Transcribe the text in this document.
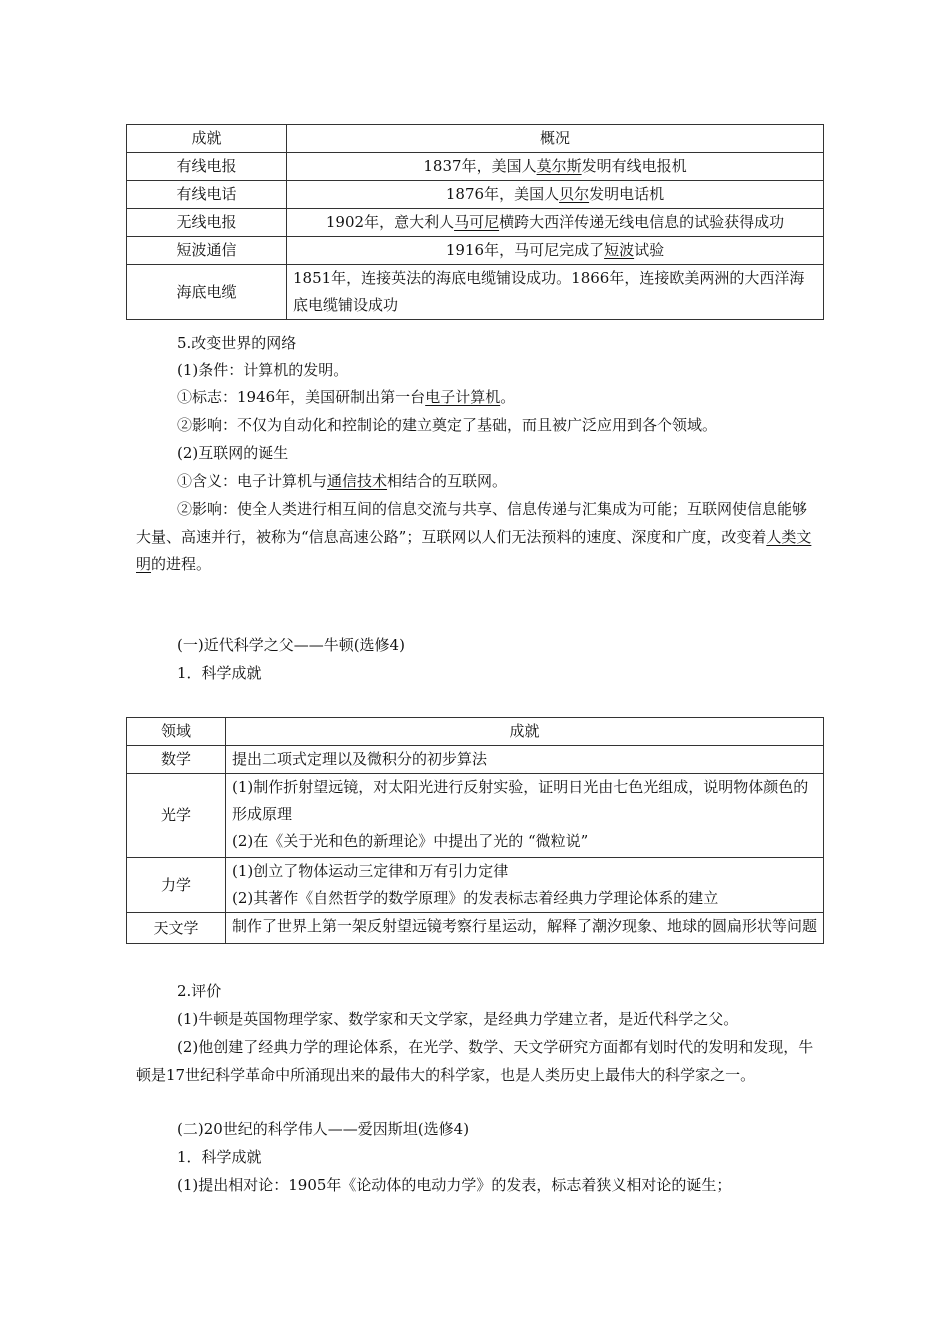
成就	概况
有线电报	1837年，美国人莫尔斯发明有线电报机
有线电话	1876年，美国人贝尔发明电话机
无线电报	1902年，意大利人马可尼横跨大西洋传递无线电信息的试验获得成功
短波通信	1916年，马可尼完成了短波试验
海底电缆	1851年，连接英法的海底电缆铺设成功。1866年，连接欧美两洲的大西洋海底电缆铺设成功

5.改变世界的网络

(1)条件：计算机的发明。

①标志：1946年，美国研制出第一台电子计算机。

②影响：不仅为自动化和控制论的建立奠定了基础，而且被广泛应用到各个领域。

(2)互联网的诞生

①含义：电子计算机与通信技术相结合的互联网。

②影响：使全人类进行相互间的信息交流与共享、信息传递与汇集成为可能；互联网使信息能够大量、高速并行，被称为“信息高速公路”；互联网以人们无法预料的速度、深度和广度，改变着人类文明的进程。

(一)近代科学之父——牛顿(选修4)

1．科学成就

领域	成就
数学	提出二项式定理以及微积分的初步算法
光学	(1)制作折射望远镜，对太阳光进行反射实验，证明日光由七色光组成，说明物体颜色的形成原理
(2)在《关于光和色的新理论》中提出了光的 “微粒说”

力学	(1)创立了物体运动三定律和万有引力定律
(2)其著作《自然哲学的数学原理》的发表标志着经典力学理论体系的建立

天文学	制作了世界上第一架反射望远镜考察行星运动，解释了潮汐现象、地球的圆扁形状等问题

2.评价

(1)牛顿是英国物理学家、数学家和天文学家，是经典力学建立者，是近代科学之父。

(2)他创建了经典力学的理论体系，在光学、数学、天文学研究方面都有划时代的发明和发现，牛顿是17世纪科学革命中所涌现出来的最伟大的科学家，也是人类历史上最伟大的科学家之一。

(二)20世纪的科学伟人——爱因斯坦(选修4)

1．科学成就

(1)提出相对论：1905年《论动体的电动力学》的发表，标志着狭义相对论的诞生；
